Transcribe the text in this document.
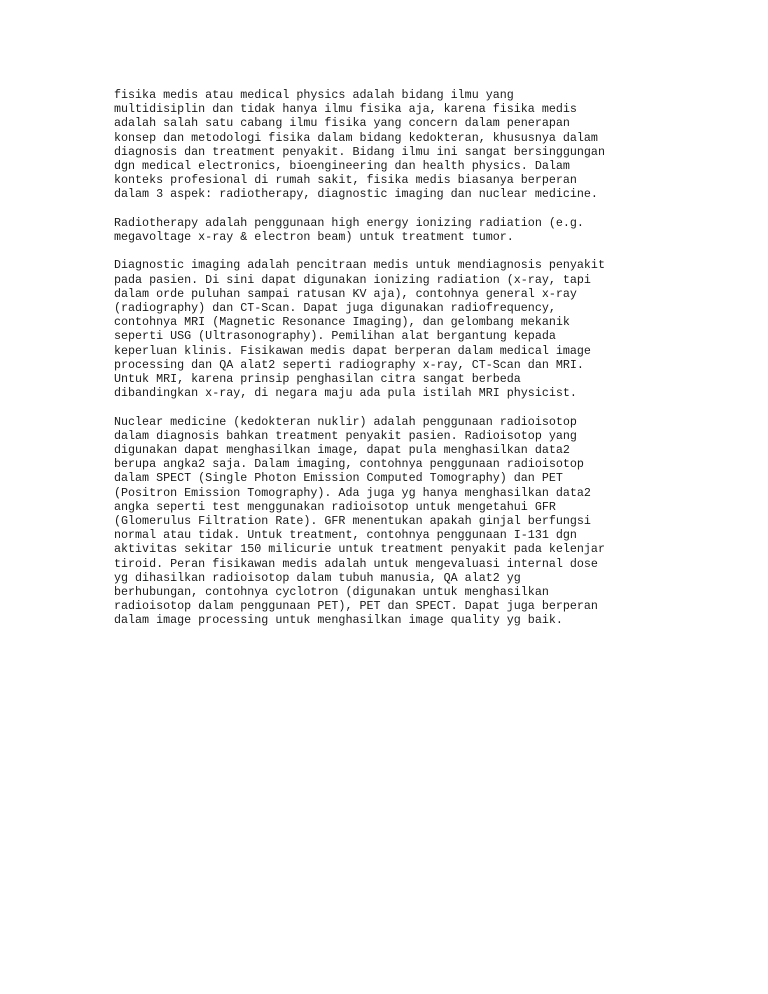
fisika medis atau medical physics adalah bidang ilmu yang
multidisiplin dan tidak hanya ilmu fisika aja, karena fisika medis
adalah salah satu cabang ilmu fisika yang concern dalam penerapan
konsep dan metodologi fisika dalam bidang kedokteran, khususnya dalam
diagnosis dan treatment penyakit. Bidang ilmu ini sangat bersinggungan
dgn medical electronics, bioengineering dan health physics. Dalam
konteks profesional di rumah sakit, fisika medis biasanya berperan
dalam 3 aspek: radiotherapy, diagnostic imaging dan nuclear medicine.

Radiotherapy adalah penggunaan high energy ionizing radiation (e.g.
megavoltage x-ray & electron beam) untuk treatment tumor.

Diagnostic imaging adalah pencitraan medis untuk mendiagnosis penyakit
pada pasien. Di sini dapat digunakan ionizing radiation (x-ray, tapi
dalam orde puluhan sampai ratusan KV aja), contohnya general x-ray
(radiography) dan CT-Scan. Dapat juga digunakan radiofrequency,
contohnya MRI (Magnetic Resonance Imaging), dan gelombang mekanik
seperti USG (Ultrasonography). Pemilihan alat bergantung kepada
keperluan klinis. Fisikawan medis dapat berperan dalam medical image
processing dan QA alat2 seperti radiography x-ray, CT-Scan dan MRI.
Untuk MRI, karena prinsip penghasilan citra sangat berbeda
dibandingkan x-ray, di negara maju ada pula istilah MRI physicist.

Nuclear medicine (kedokteran nuklir) adalah penggunaan radioisotop
dalam diagnosis bahkan treatment penyakit pasien. Radioisotop yang
digunakan dapat menghasilkan image, dapat pula menghasilkan data2
berupa angka2 saja. Dalam imaging, contohnya penggunaan radioisotop
dalam SPECT (Single Photon Emission Computed Tomography) dan PET
(Positron Emission Tomography). Ada juga yg hanya menghasilkan data2
angka seperti test menggunakan radioisotop untuk mengetahui GFR
(Glomerulus Filtration Rate). GFR menentukan apakah ginjal berfungsi
normal atau tidak. Untuk treatment, contohnya penggunaan I-131 dgn
aktivitas sekitar 150 milicurie untuk treatment penyakit pada kelenjar
tiroid. Peran fisikawan medis adalah untuk mengevaluasi internal dose
yg dihasilkan radioisotop dalam tubuh manusia, QA alat2 yg
berhubungan, contohnya cyclotron (digunakan untuk menghasilkan
radioisotop dalam penggunaan PET), PET dan SPECT. Dapat juga berperan
dalam image processing untuk menghasilkan image quality yg baik.
